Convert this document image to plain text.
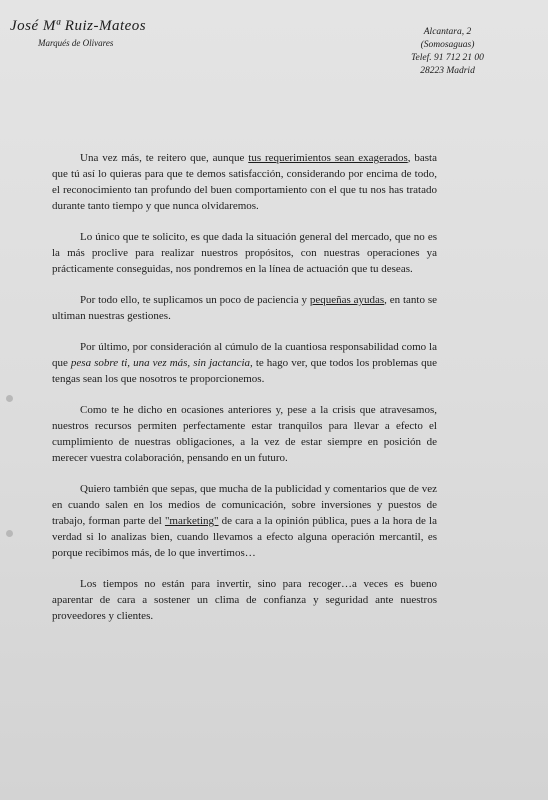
José Mª Ruiz-Mateos
Marqués de Olivares
Alcantara, 2
(Somosaguas)
Telef. 91 712 21 00
28223 Madrid

Una vez más, te reitero que, aunque tus requerimientos sean exagerados, basta que tú así lo quieras para que te demos satisfacción, considerando por encima de todo, el reconocimiento tan profundo del buen comportamiento con el que tu nos has tratado durante tanto tiempo y que nunca olvidaremos.

Lo único que te solicito, es que dada la situación general del mercado, que no es la más proclive para realizar nuestros propósitos, con nuestras operaciones ya prácticamente conseguidas, nos pondremos en la línea de actuación que tu deseas.

Por todo ello, te suplicamos un poco de paciencia y pequeñas ayudas, en tanto se ultiman nuestras gestiones.

Por último, por consideración al cúmulo de la cuantiosa responsabilidad como la que pesa sobre ti, una vez más, sin jactancia, te hago ver, que todos los problemas que tengas sean los que nosotros te proporcionemos.

Como te he dicho en ocasiones anteriores y, pese a la crisis que atravesamos, nuestros recursos permiten perfectamente estar tranquilos para llevar a efecto el cumplimiento de nuestras obligaciones, a la vez de estar siempre en posición de merecer vuestra colaboración, pensando en un futuro.

Quiero también que sepas, que mucha de la publicidad y comentarios que de vez en cuando salen en los medios de comunicación, sobre inversiones y puestos de trabajo, forman parte del "marketing" de cara a la opinión pública, pues a la hora de la verdad si lo analizas bien, cuando llevamos a efecto alguna operación mercantil, es porque recibimos más, de lo que invertimos…

Los tiempos no están para invertir, sino para recoger…a veces es bueno aparentar de cara a sostener un clima de confianza y seguridad ante nuestros proveedores y clientes.
